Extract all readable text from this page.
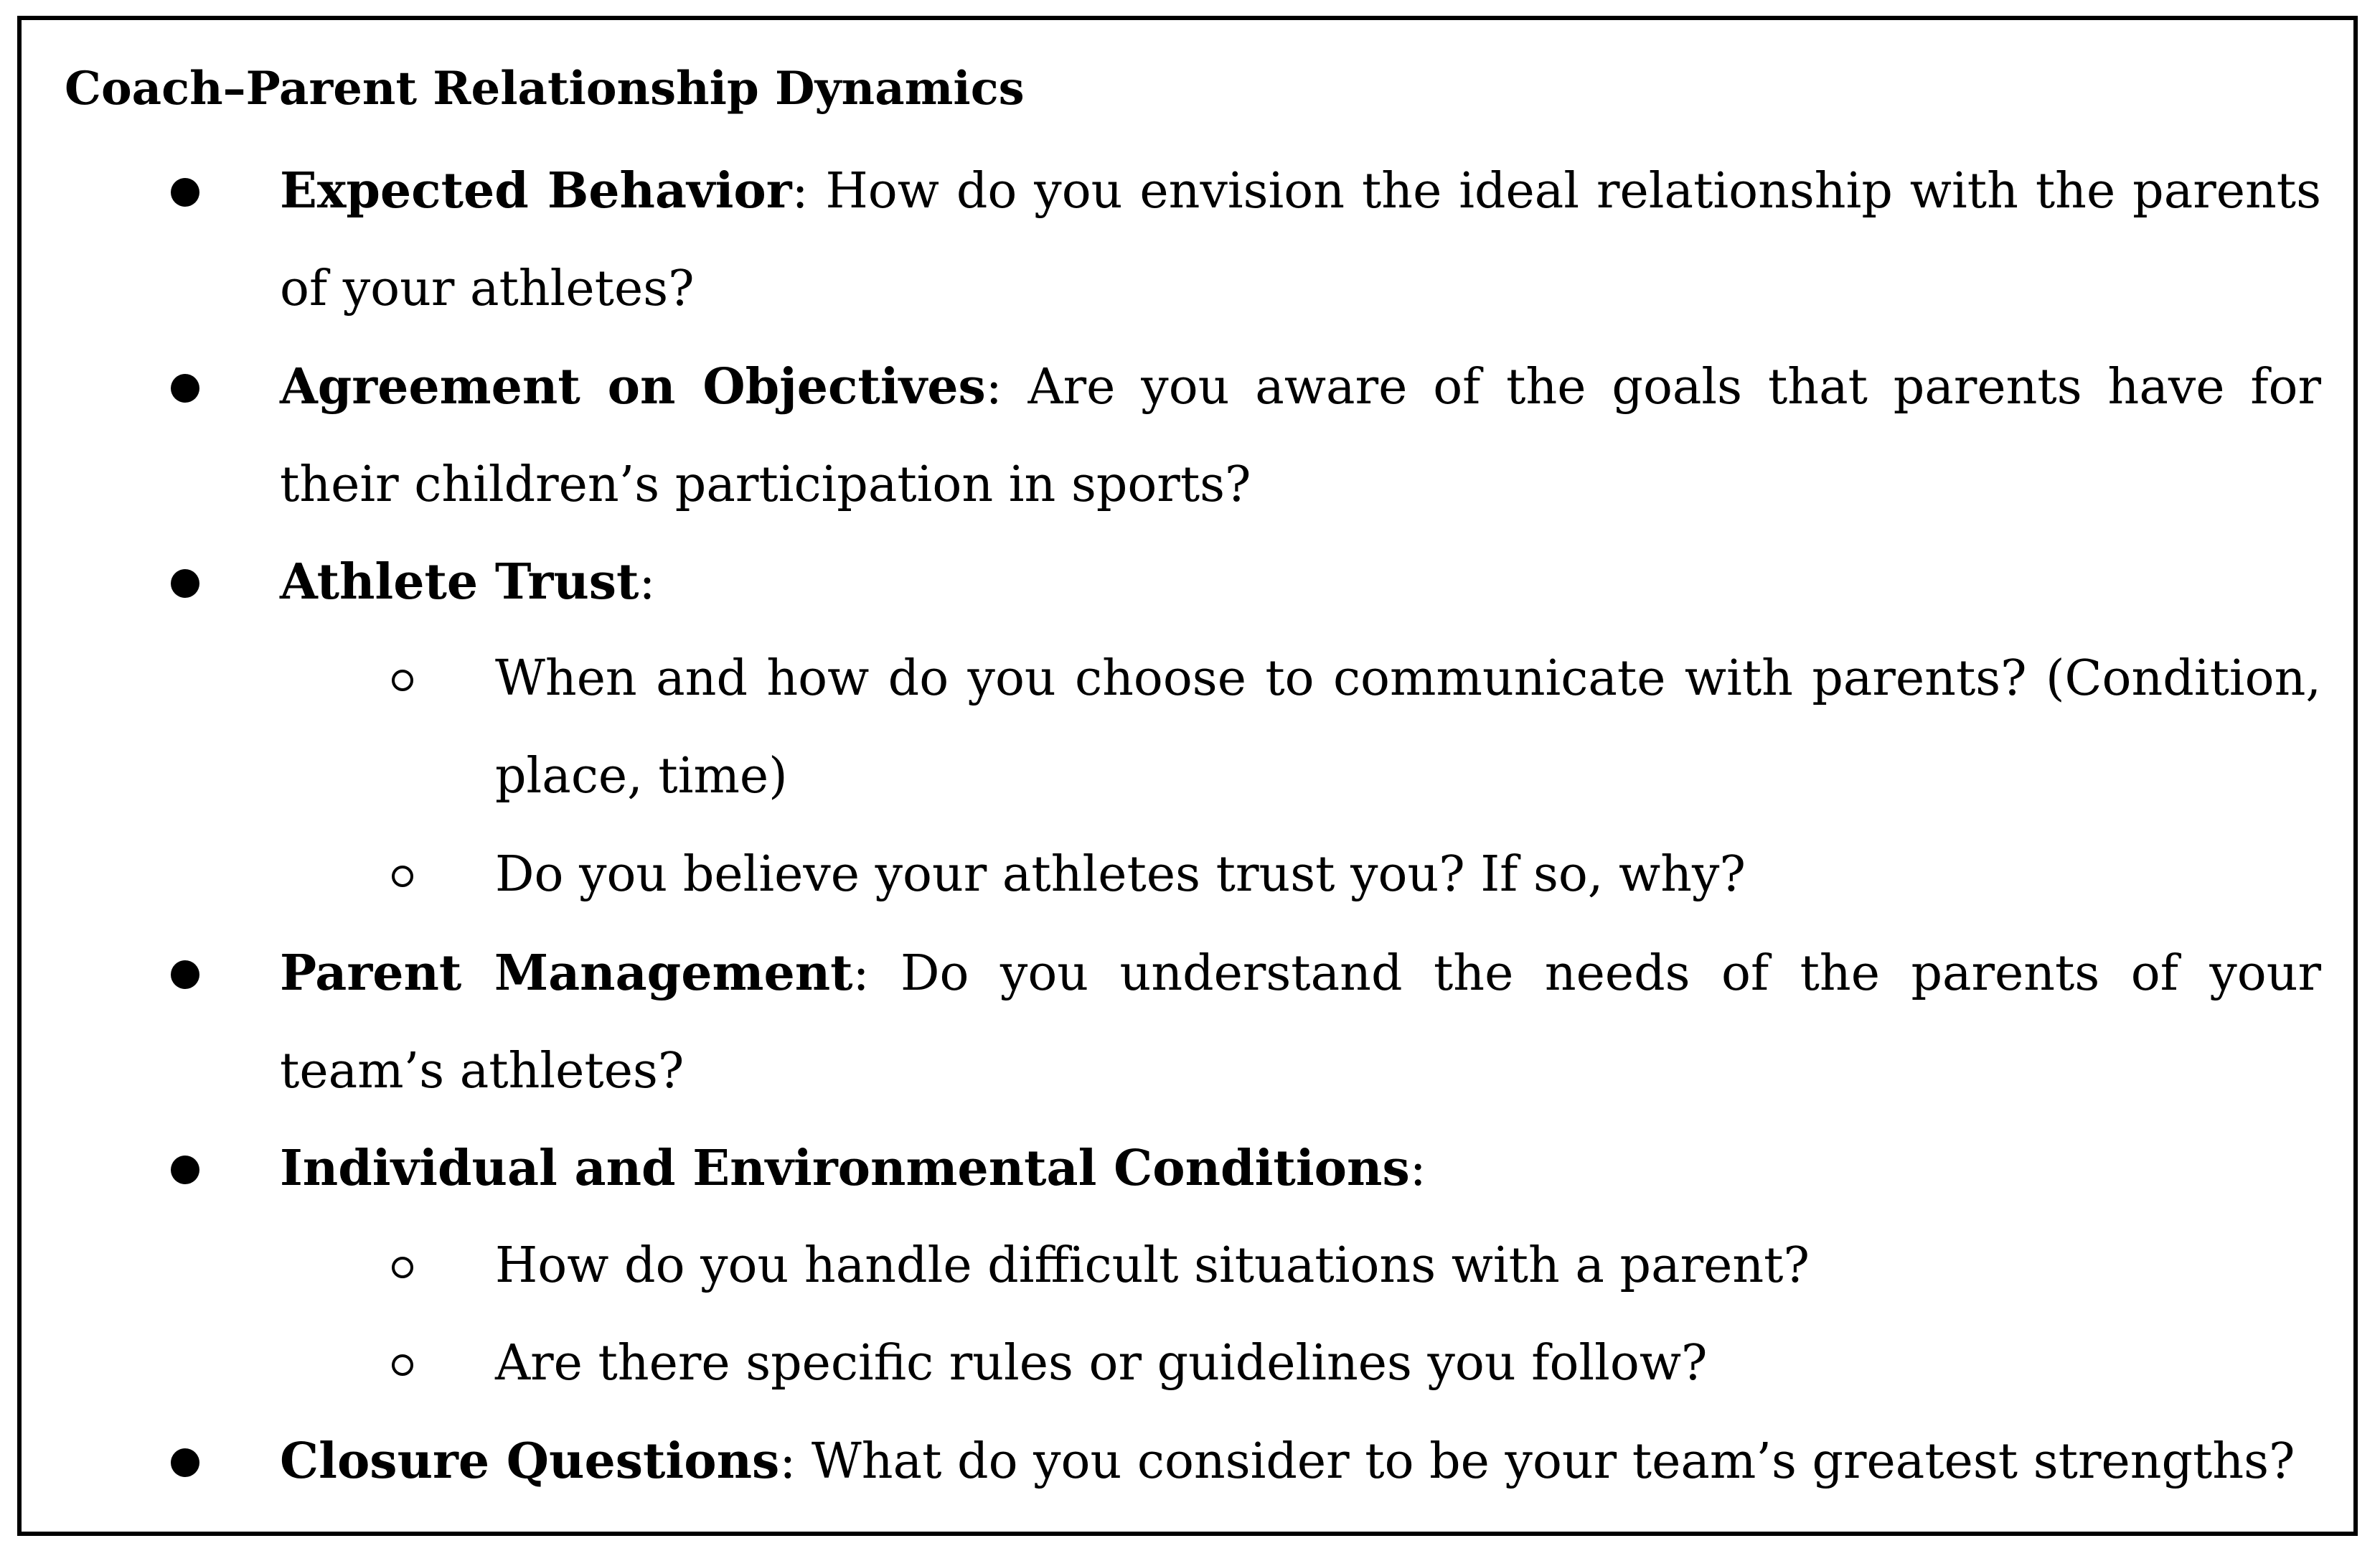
Coach–Parent Relationship Dynamics
Expected Behavior: How do you envision the ideal relationship with the parents of your athletes?
Agreement on Objectives: Are you aware of the goals that parents have for their children’s participation in sports?
Athlete Trust:
When and how do you choose to communicate with parents? (Condition, place, time)
Do you believe your athletes trust you? If so, why?
Parent Management: Do you understand the needs of the parents of your team’s athletes?
Individual and Environmental Conditions:
How do you handle difficult situations with a parent?
Are there specific rules or guidelines you follow?
Closure Questions: What do you consider to be your team’s greatest strengths?
